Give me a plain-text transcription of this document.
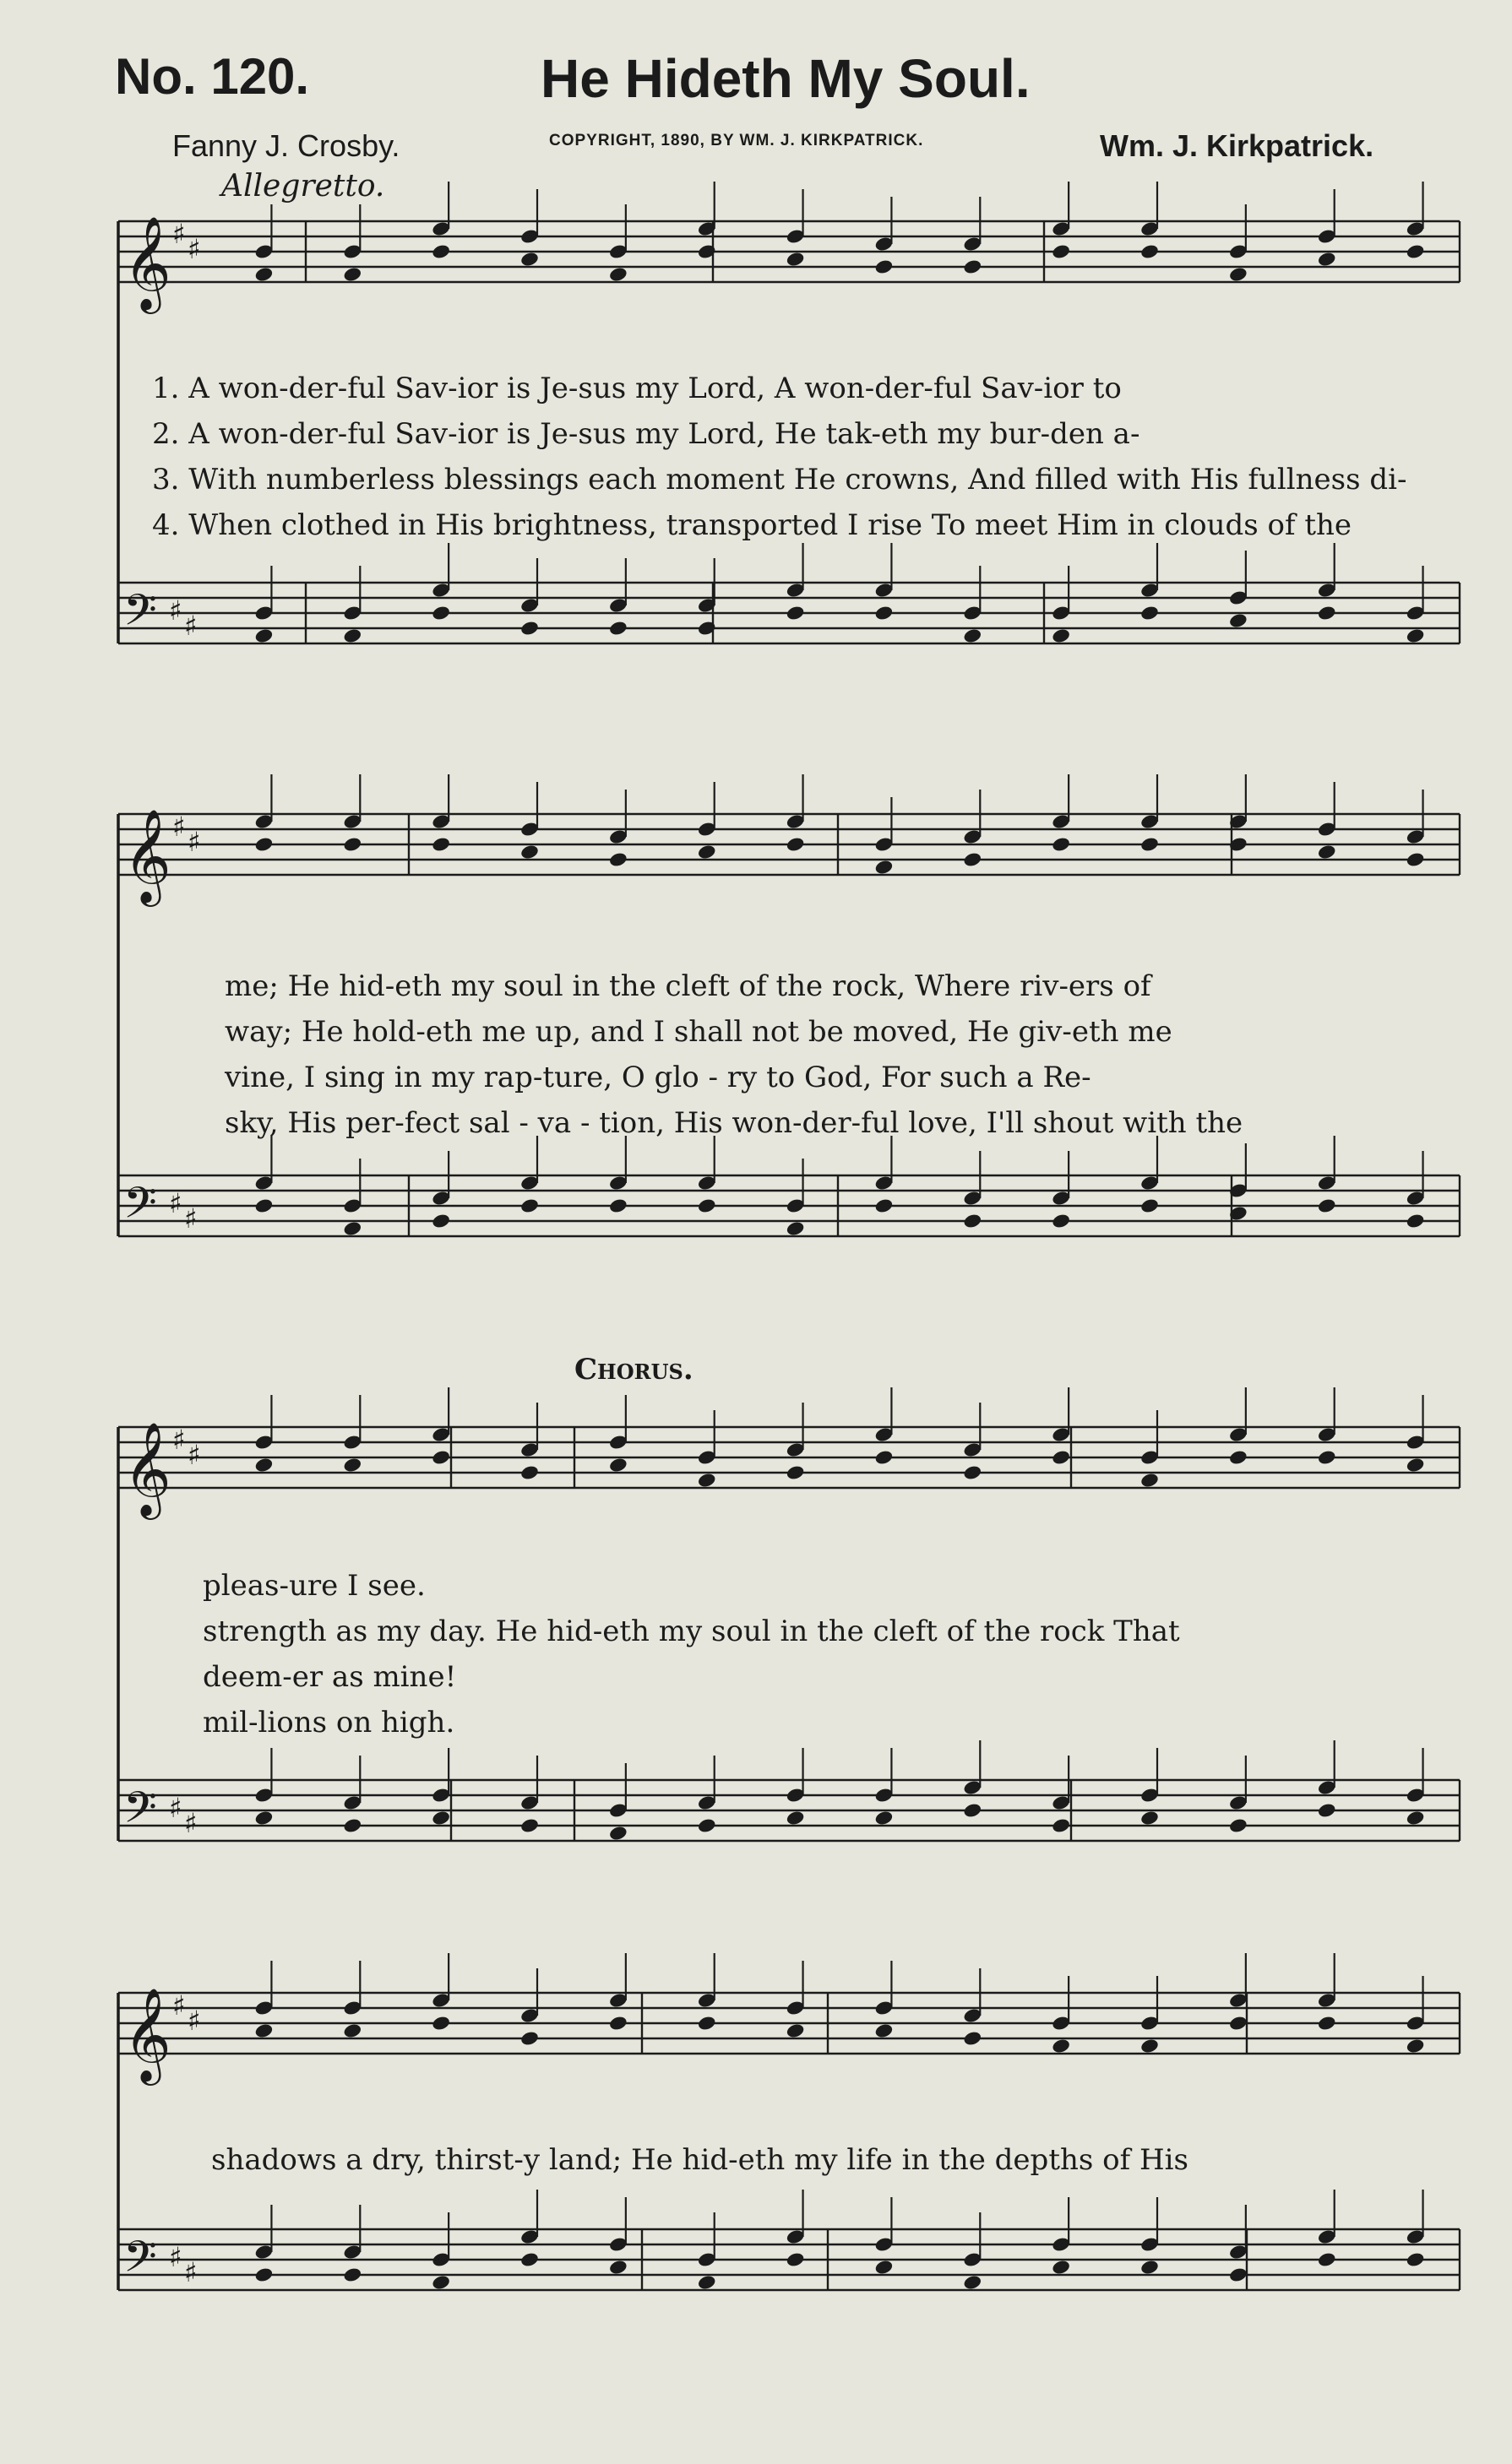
No. 120.	He Hideth My Soul.
Fanny J. Crosby.	COPYRIGHT, 1890, BY WM. J. KIRKPATRICK.	Wm. J. Kirkpatrick.
Allegretto.
Chorus.
𝄞 ♯ ♯
𝄢 ♯ ♯
𝄞 ♯ ♯
𝄢 ♯ ♯
𝄞 ♯ ♯
𝄢 ♯ ♯
𝄞 ♯ ♯
𝄢 ♯ ♯
1. A won-der-ful Sav-ior is Je-sus my Lord, A won-der-ful Sav-ior to
2. A won-der-ful Sav-ior is Je-sus my Lord, He tak-eth my bur-den a-
3. With numberless blessings each moment He crowns, And filled with His fullness di-
4. When clothed in His brightness, transported I rise To meet Him in clouds of the
me; He hid-eth my soul in the cleft of the rock, Where riv-ers of
way; He hold-eth me up, and I shall not be moved, He giv-eth me
vine, I sing in my rap-ture, O glo - ry to God, For such a Re-
sky, His per-fect sal - va - tion, His won-der-ful love, I'll shout with the
pleas-ure I see.
strength as my day. He hid-eth my soul in the cleft of the rock That
deem-er as mine!
mil-lions on high.
shadows a dry, thirst-y land; He hid-eth my life in the depths of His
